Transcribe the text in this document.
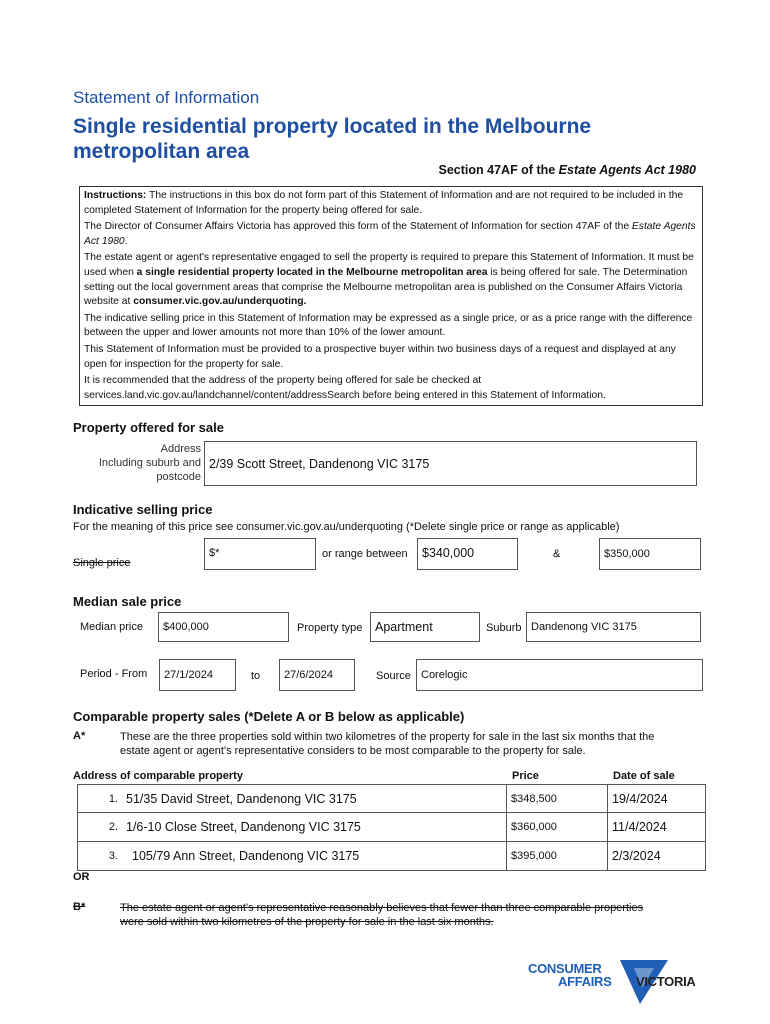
Statement of Information
Single residential property located in the Melbourne
metropolitan area
Section 47AF of the Estate Agents Act 1980

Instructions: The instructions in this box do not form part of this Statement of Information and are not required to be included in the completed Statement of Information for the property being offered for sale.

The Director of Consumer Affairs Victoria has approved this form of the Statement of Information for section 47AF of the Estate Agents Act 1980.

The estate agent or agent's representative engaged to sell the property is required to prepare this Statement of Information. It must be used when a single residential property located in the Melbourne metropolitan area is being offered for sale. The Determination setting out the local government areas that comprise the Melbourne metropolitan area is published on the Consumer Affairs Victoria website at consumer.vic.gov.au/underquoting.

The indicative selling price in this Statement of Information may be expressed as a single price, or as a price range with the difference between the upper and lower amounts not more than 10% of the lower amount.

This Statement of Information must be provided to a prospective buyer within two business days of a request and displayed at any open for inspection for the property for sale.

It is recommended that the address of the property being offered for sale be checked at services.land.vic.gov.au/landchannel/content/addressSearch before being entered in this Statement of Information.

Property offered for sale
Address
Including suburb and
postcode
2/39 Scott Street, Dandenong VIC 3175
Indicative selling price
For the meaning of this price see consumer.vic.gov.au/underquoting (*Delete single price or range as applicable)
Single price
$*	or range between	$340,000	&	$350,000
Median sale price
Median price	$400,000	Property type	Apartment	Suburb Dandenong VIC 3175
Period - From	27/1/2024	to	27/6/2024	Source Corelogic
Comparable property sales (*Delete A or B below as applicable)
A*	These are the three properties sold within two kilometres of the property for sale in the last six months that the
estate agent or agent's representative considers to be most comparable to the property for sale.
Address of comparable property	Price	Date of sale
1. 51/35 David Street, Dandenong VIC 3175	$348,500	19/4/2024
2. 1/6-10 Close Street, Dandenong VIC 3175	$360,000	11/4/2024
3. 105/79 Ann Street, Dandenong VIC 3175	$395,000	2/3/2024
OR
B*	The estate agent or agent's representative reasonably believes that fewer than three comparable properties
were sold within two kilometres of the property for sale in the last six months.
CONSUMER
AFFAIRS VICTORIA
